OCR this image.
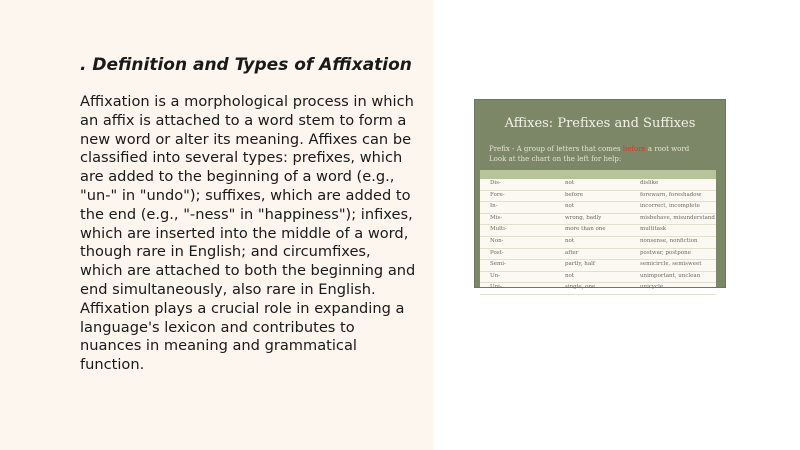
. Definition and Types of Affixation
Affixation is a morphological process in which an affix is attached to a word stem to form a new word or alter its meaning. Affixes can be classified into several types: prefixes, which are added to the beginning of a word (e.g., "un-" in "undo"); suffixes, which are added to the end (e.g., "-ness" in "happiness"); infixes, which are inserted into the middle of a word, though rare in English; and circumfixes, which are attached to both the beginning and end simultaneously, also rare in English. Affixation plays a crucial role in expanding a language's lexicon and contributes to nuances in meaning and grammatical function.
Affixes: Prefixes and Suffixes
Prefix - A group of letters that comes before a root word
Look at the chart on the left for help:
Dis-	not	dislike
Fore-	before	forewarn, foreshadow
In-	not	incorrect, incomplete
Mis-	wrong, badly	misbehave, misunderstand
Multi-	more than one	multitask
Non-	not	nonsense, nonfiction
Post-	after	postwar, postpone
Semi-	partly, half	semicircle, semisweet
Un-	not	unimportant, unclean
Uni-	single, one	unicycle
